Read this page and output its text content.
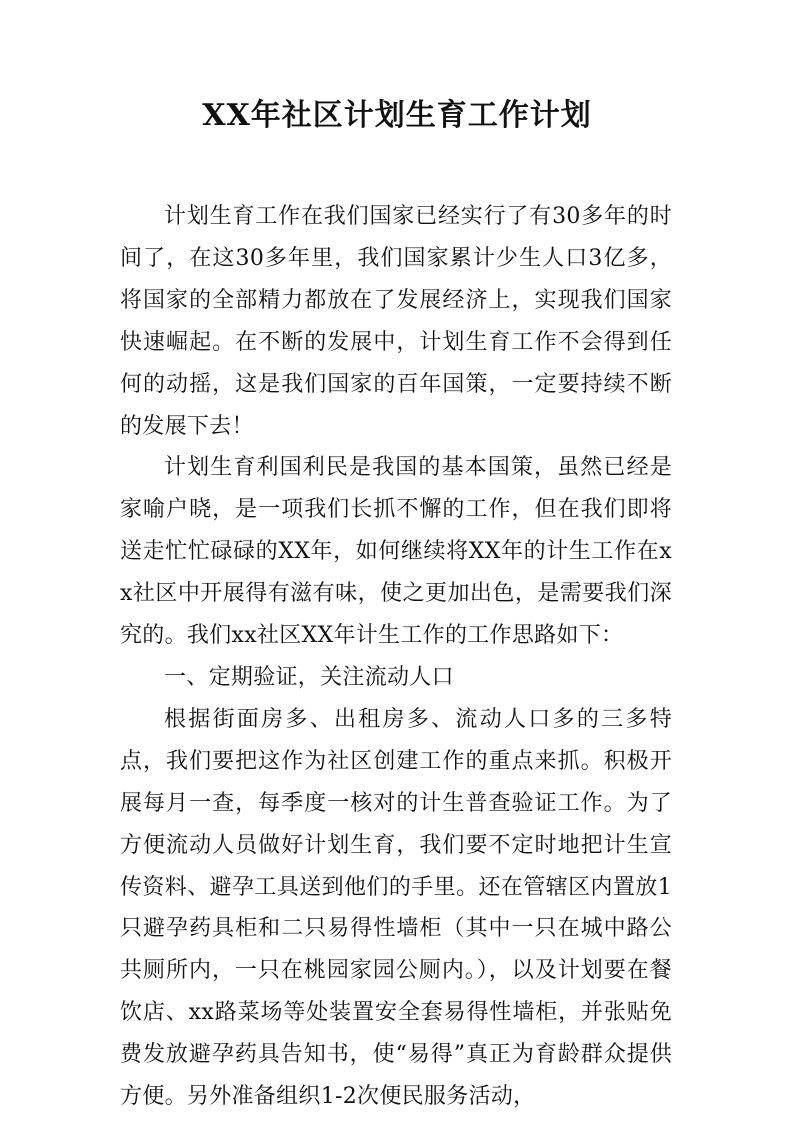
XX年社区计划生育工作计划

计划生育工作在我们国家已经实行了有30多年的时间了，在这30多年里，我们国家累计少生人口3亿多，将国家的全部精力都放在了发展经济上，实现我们国家快速崛起。在不断的发展中，计划生育工作不会得到任何的动摇，这是我们国家的百年国策，一定要持续不断的发展下去！

计划生育利国利民是我国的基本国策，虽然已经是家喻户晓，是一项我们长抓不懈的工作，但在我们即将送走忙忙碌碌的XX年，如何继续将XX年的计生工作在xx社区中开展得有滋有味，使之更加出色，是需要我们深究的。我们xx社区XX年计生工作的工作思路如下：

一、定期验证，关注流动人口

根据街面房多、出租房多、流动人口多的三多特点，我们要把这作为社区创建工作的重点来抓。积极开展每月一查，每季度一核对的计生普查验证工作。为了方便流动人员做好计划生育，我们要不定时地把计生宣传资料、避孕工具送到他们的手里。还在管辖区内置放1只避孕药具柜和二只易得性墙柜（其中一只在城中路公共厕所内，一只在桃园家园公厕内。），以及计划要在餐饮店、xx路菜场等处装置安全套易得性墙柜，并张贴免费发放避孕药具告知书，使“易得”真正为育龄群众提供方便。另外准备组织1-2次便民服务活动，
